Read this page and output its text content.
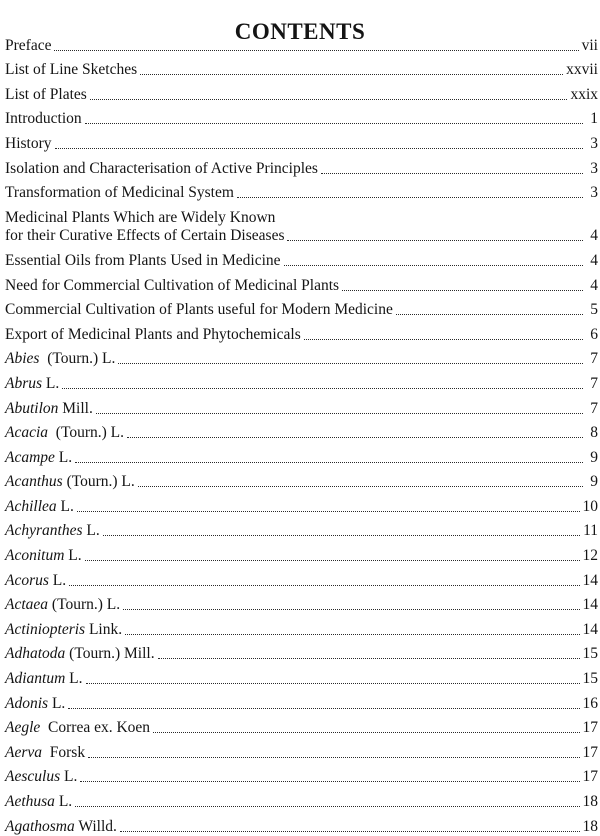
CONTENTS
Preface	vii
List of Line Sketches	xxvii
List of Plates	xxix
Introduction	1
History	3
Isolation and Characterisation of Active Principles	3
Transformation of Medicinal System	3
Medicinal Plants Which are Widely Known
for their Curative Effects of Certain Diseases	4
Essential Oils from Plants Used in Medicine	4
Need for Commercial Cultivation of Medicinal Plants	4
Commercial Cultivation of Plants useful for Modern Medicine	5
Export of Medicinal Plants and Phytochemicals	6
Abies (Tourn.) L.	7
Abrus L.	7
Abutilon Mill.	7
Acacia (Tourn.) L.	8
Acampe L.	9
Acanthus (Tourn.) L.	9
Achillea L.	10
Achyranthes L.	11
Aconitum L.	12
Acorus L.	14
Actaea (Tourn.) L.	14
Actiniopteris Link.	14
Adhatoda (Tourn.) Mill.	15
Adiantum L.	15
Adonis L.	16
Aegle Correa ex. Koen	17
Aerva Forsk	17
Aesculus L.	17
Aethusa L.	18
Agathosma Willd.	18
